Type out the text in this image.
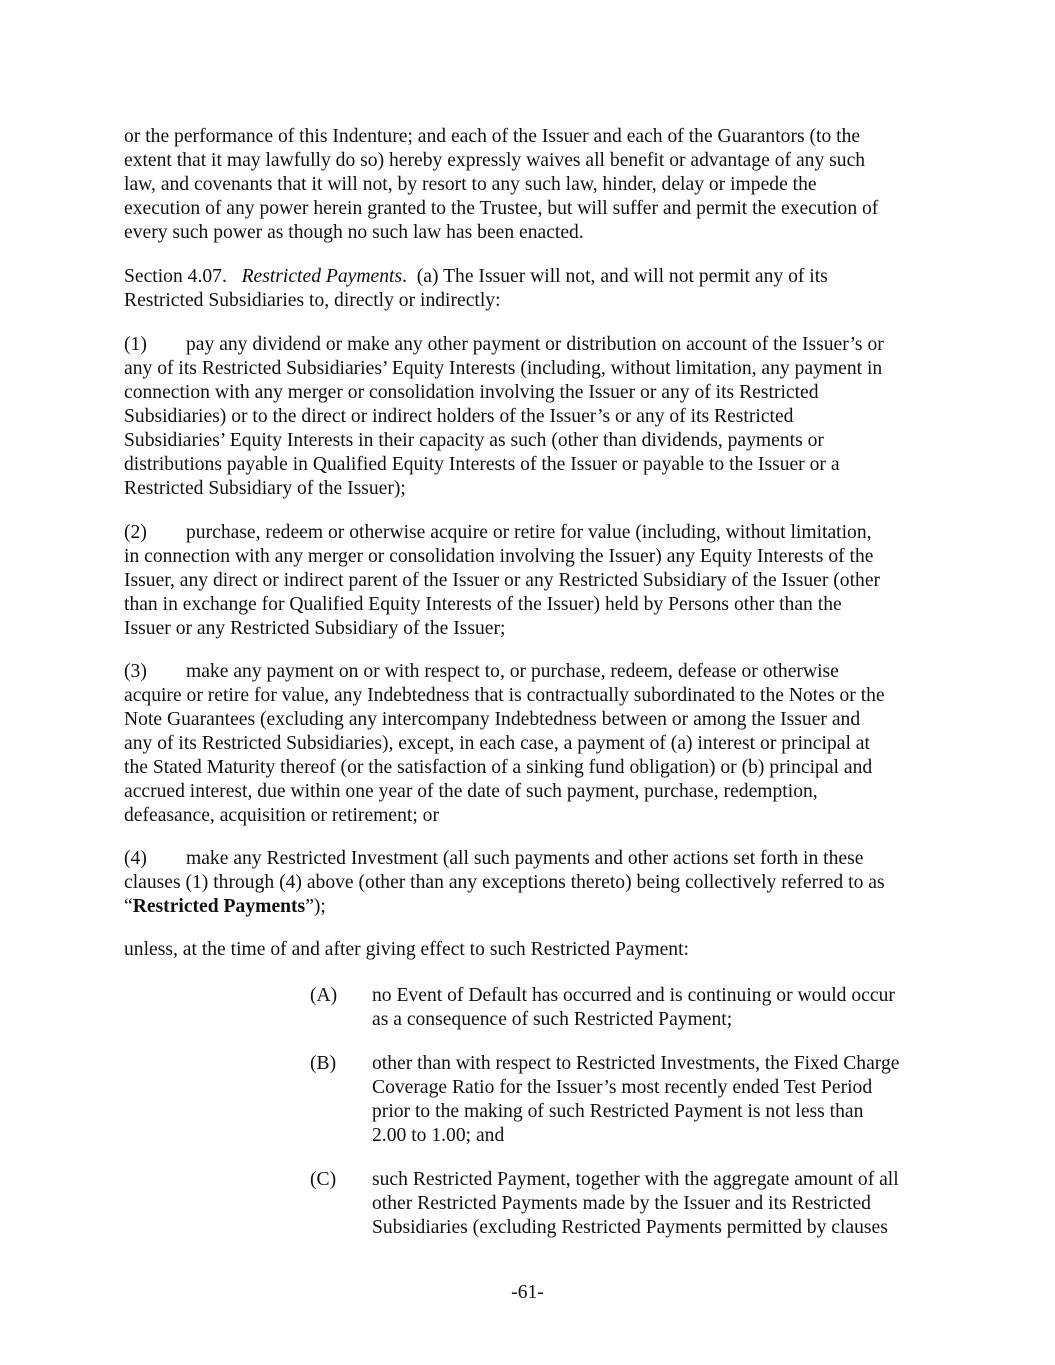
or the performance of this Indenture; and each of the Issuer and each of the Guarantors (to the
extent that it may lawfully do so) hereby expressly waives all benefit or advantage of any such
law, and covenants that it will not, by resort to any such law, hinder, delay or impede the
execution of any power herein granted to the Trustee, but will suffer and permit the execution of
every such power as though no such law has been enacted.

Section 4.07. Restricted Payments. (a) The Issuer will not, and will not permit any of its
Restricted Subsidiaries to, directly or indirectly:

(1) pay any dividend or make any other payment or distribution on account of the Issuer’s or
any of its Restricted Subsidiaries’ Equity Interests (including, without limitation, any payment in
connection with any merger or consolidation involving the Issuer or any of its Restricted
Subsidiaries) or to the direct or indirect holders of the Issuer’s or any of its Restricted
Subsidiaries’ Equity Interests in their capacity as such (other than dividends, payments or
distributions payable in Qualified Equity Interests of the Issuer or payable to the Issuer or a
Restricted Subsidiary of the Issuer);

(2) purchase, redeem or otherwise acquire or retire for value (including, without limitation,
in connection with any merger or consolidation involving the Issuer) any Equity Interests of the
Issuer, any direct or indirect parent of the Issuer or any Restricted Subsidiary of the Issuer (other
than in exchange for Qualified Equity Interests of the Issuer) held by Persons other than the
Issuer or any Restricted Subsidiary of the Issuer;

(3) make any payment on or with respect to, or purchase, redeem, defease or otherwise
acquire or retire for value, any Indebtedness that is contractually subordinated to the Notes or the
Note Guarantees (excluding any intercompany Indebtedness between or among the Issuer and
any of its Restricted Subsidiaries), except, in each case, a payment of (a) interest or principal at
the Stated Maturity thereof (or the satisfaction of a sinking fund obligation) or (b) principal and
accrued interest, due within one year of the date of such payment, purchase, redemption,
defeasance, acquisition or retirement; or

(4) make any Restricted Investment (all such payments and other actions set forth in these
clauses (1) through (4) above (other than any exceptions thereto) being collectively referred to as
“Restricted Payments”);

unless, at the time of and after giving effect to such Restricted Payment:

(A) no Event of Default has occurred and is continuing or would occur
as a consequence of such Restricted Payment;
(B) other than with respect to Restricted Investments, the Fixed Charge
Coverage Ratio for the Issuer’s most recently ended Test Period
prior to the making of such Restricted Payment is not less than
2.00 to 1.00; and
(C) such Restricted Payment, together with the aggregate amount of all
other Restricted Payments made by the Issuer and its Restricted
Subsidiaries (excluding Restricted Payments permitted by clauses
-61-
